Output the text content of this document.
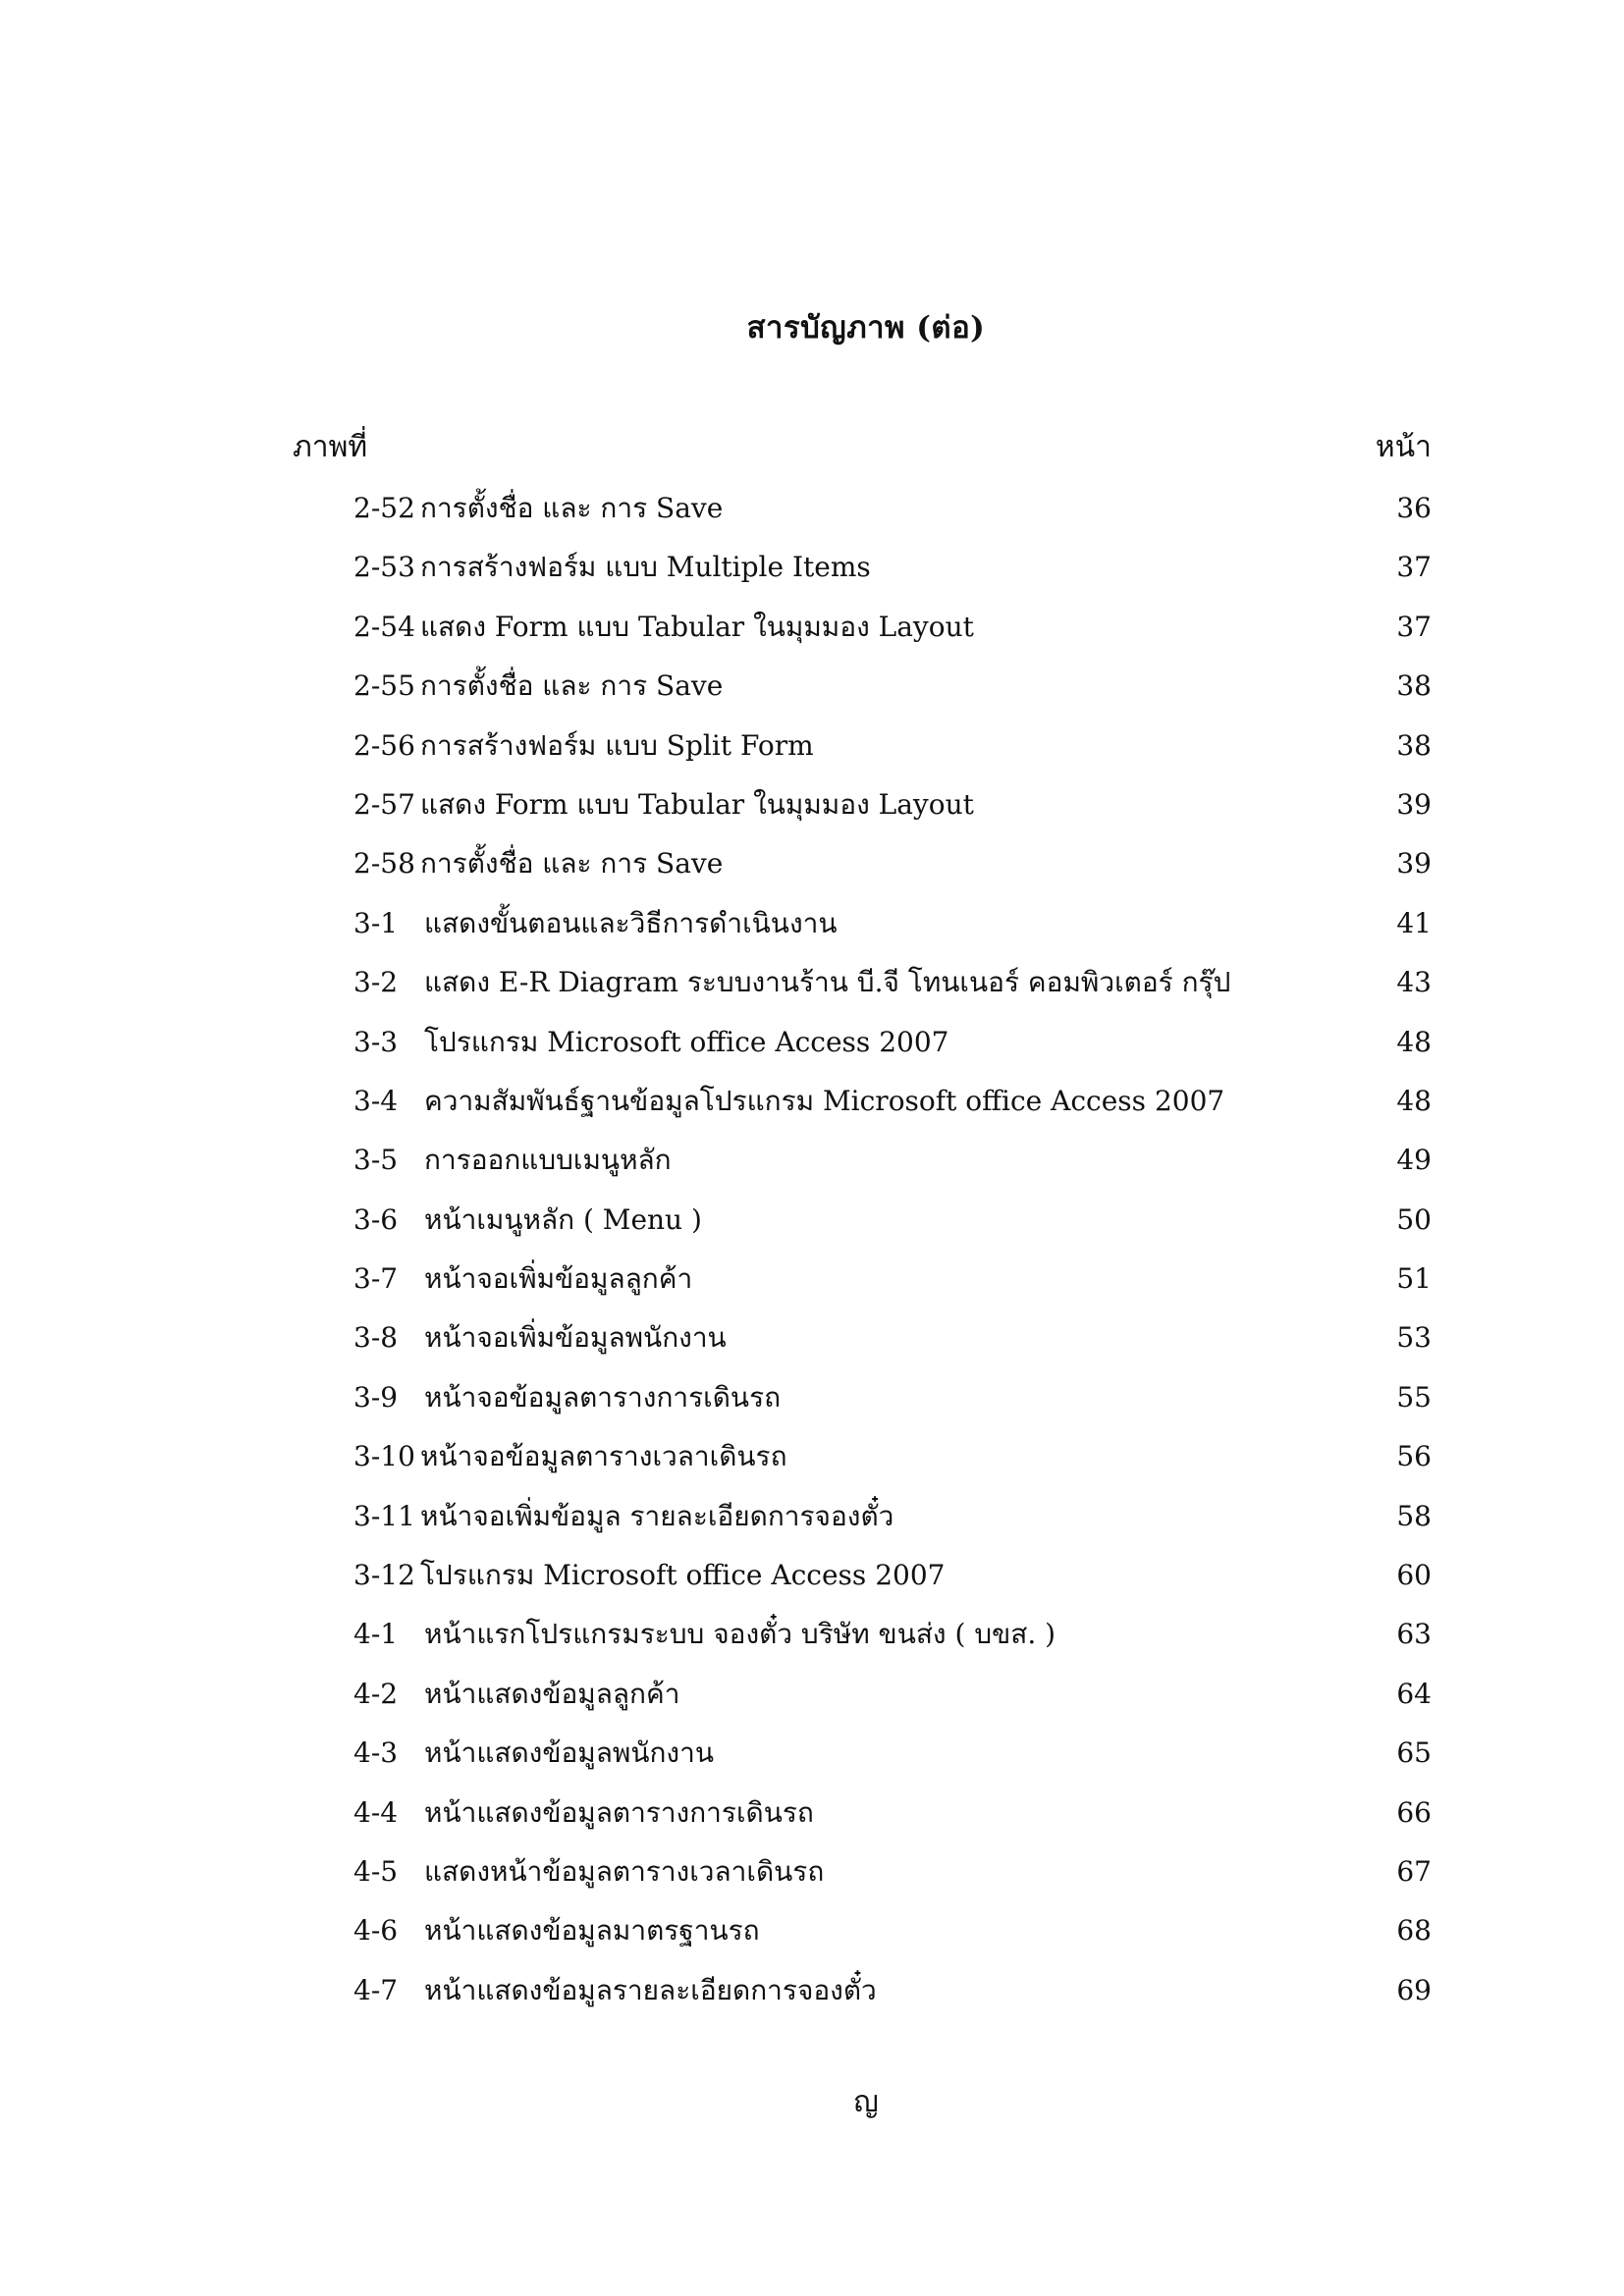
สารบัญภาพ (ต่อ)
ภาพที่	หน้า
2-52 การตั้งชื่อ และ การ Save	36
2-53 การสร้างฟอร์ม แบบ Multiple Items	37
2-54 แสดง Form แบบ Tabular ในมุมมอง Layout	37
2-55 การตั้งชื่อ และ การ Save	38
2-56 การสร้างฟอร์ม แบบ Split Form	38
2-57 แสดง Form แบบ Tabular ในมุมมอง Layout	39
2-58 การตั้งชื่อ และ การ Save	39
3-1 แสดงขั้นตอนและวิธีการดำเนินงาน	41
3-2 แสดง E-R Diagram ระบบงานร้าน บี.จี โทนเนอร์ คอมพิวเตอร์ กรุ๊ป	43
3-3 โปรแกรม Microsoft office Access 2007	48
3-4 ความสัมพันธ์ฐานข้อมูลโปรแกรม Microsoft office Access 2007	48
3-5 การออกแบบเมนูหลัก	49
3-6 หน้าเมนูหลัก ( Menu )	50
3-7 หน้าจอเพิ่มข้อมูลลูกค้า	51
3-8 หน้าจอเพิ่มข้อมูลพนักงาน	53
3-9 หน้าจอข้อมูลตารางการเดินรถ	55
3-10 หน้าจอข้อมูลตารางเวลาเดินรถ	56
3-11 หน้าจอเพิ่มข้อมูล รายละเอียดการจองตั๋ว	58
3-12 โปรแกรม Microsoft office Access 2007	60
4-1 หน้าแรกโปรแกรมระบบ จองตั๋ว บริษัท ขนส่ง ( บขส. )	63
4-2 หน้าแสดงข้อมูลลูกค้า	64
4-3 หน้าแสดงข้อมูลพนักงาน	65
4-4 หน้าแสดงข้อมูลตารางการเดินรถ	66
4-5 แสดงหน้าข้อมูลตารางเวลาเดินรถ	67
4-6 หน้าแสดงข้อมูลมาตรฐานรถ	68
4-7 หน้าแสดงข้อมูลรายละเอียดการจองตั๋ว	69
ญ
